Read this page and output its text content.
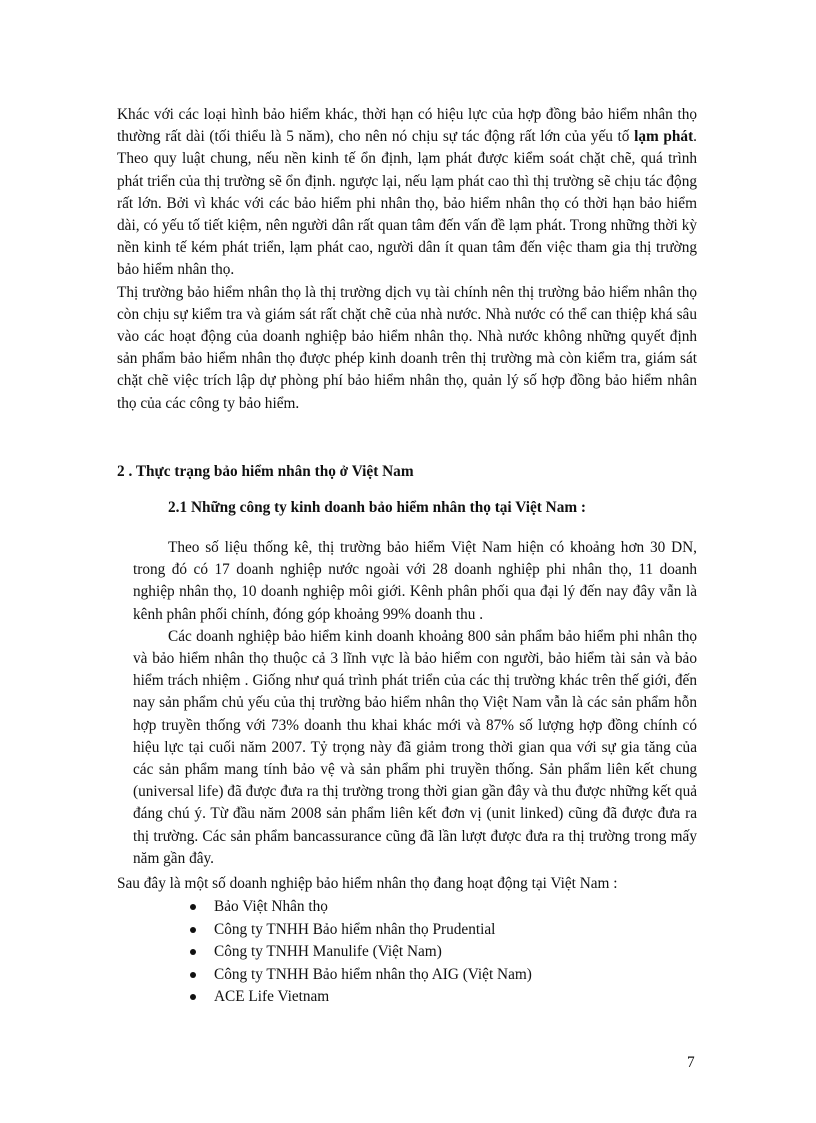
Khác với các loại hình bảo hiểm khác, thời hạn có hiệu lực của hợp đồng bảo hiểm nhân thọ thường rất dài (tối thiểu là 5 năm), cho nên nó chịu sự tác động rất lớn của yếu tố lạm phát. Theo quy luật chung, nếu nền kinh tế ổn định, lạm phát được kiểm soát chặt chẽ, quá trình phát triển của thị trường sẽ ổn định. ngược lại, nếu lạm phát cao thì thị trường sẽ chịu tác động rất lớn. Bởi vì khác với các bảo hiểm phi nhân thọ, bảo hiểm nhân thọ có thời hạn bảo hiểm dài, có yếu tố tiết kiệm, nên người dân rất quan tâm đến vấn đề lạm phát. Trong những thời kỳ nền kinh tế kém phát triển, lạm phát cao, người dân ít quan tâm đến việc tham gia thị trường bảo hiểm nhân thọ.

Thị trường bảo hiểm nhân thọ là thị trường dịch vụ tài chính nên thị trường bảo hiểm nhân thọ còn chịu sự kiểm tra và giám sát rất chặt chẽ của nhà nước. Nhà nước có thể can thiệp khá sâu vào các hoạt động của doanh nghiệp bảo hiểm nhân thọ. Nhà nước không những quyết định sản phẩm bảo hiểm nhân thọ được phép kinh doanh trên thị trường mà còn kiểm tra, giám sát chặt chẽ việc trích lập dự phòng phí bảo hiểm nhân thọ, quản lý số hợp đồng bảo hiểm nhân thọ của các công ty bảo hiểm.

2 . Thực trạng bảo hiểm nhân thọ ở Việt Nam
2.1 Những công ty kinh doanh bảo hiểm nhân thọ tại Việt Nam :

Theo số liệu thống kê, thị trường bảo hiểm Việt Nam hiện có khoảng hơn 30 DN, trong đó có 17 doanh nghiệp nước ngoài với 28 doanh nghiệp phi nhân thọ, 11 doanh nghiệp nhân thọ, 10 doanh nghiệp môi giới. Kênh phân phối qua đại lý đến nay đây vẫn là kênh phân phối chính, đóng góp khoảng 99% doanh thu .

Các doanh nghiệp bảo hiểm kinh doanh khoảng 800 sản phẩm bảo hiểm phi nhân thọ và bảo hiểm nhân thọ thuộc cả 3 lĩnh vực là bảo hiểm con người, bảo hiểm tài sản và bảo hiểm trách nhiệm . Giống như quá trình phát triển của các thị trường khác trên thế giới, đến nay sản phẩm chủ yếu của thị trường bảo hiểm nhân thọ Việt Nam vẫn là các sản phẩm hỗn hợp truyền thống với 73% doanh thu khai khác mới và 87% số lượng hợp đồng chính có hiệu lực tại cuối năm 2007. Tỷ trọng này đã giảm trong thời gian qua với sự gia tăng của các sản phẩm mang tính bảo vệ và sản phẩm phi truyền thống. Sản phẩm liên kết chung (universal life) đã được đưa ra thị trường trong thời gian gần đây và thu được những kết quả đáng chú ý. Từ đầu năm 2008 sản phẩm liên kết đơn vị (unit linked) cũng đã được đưa ra thị trường. Các sản phẩm bancassurance cũng đã lần lượt được đưa ra thị trường trong mấy năm gần đây.

Sau đây là một số doanh nghiệp bảo hiểm nhân thọ đang hoạt động tại Việt Nam :
Bảo Việt Nhân thọ
Công ty TNHH Bảo hiểm nhân thọ Prudential
Công ty TNHH Manulife (Việt Nam)
Công ty TNHH Bảo hiểm nhân thọ AIG (Việt Nam)
ACE Life Vietnam
7
